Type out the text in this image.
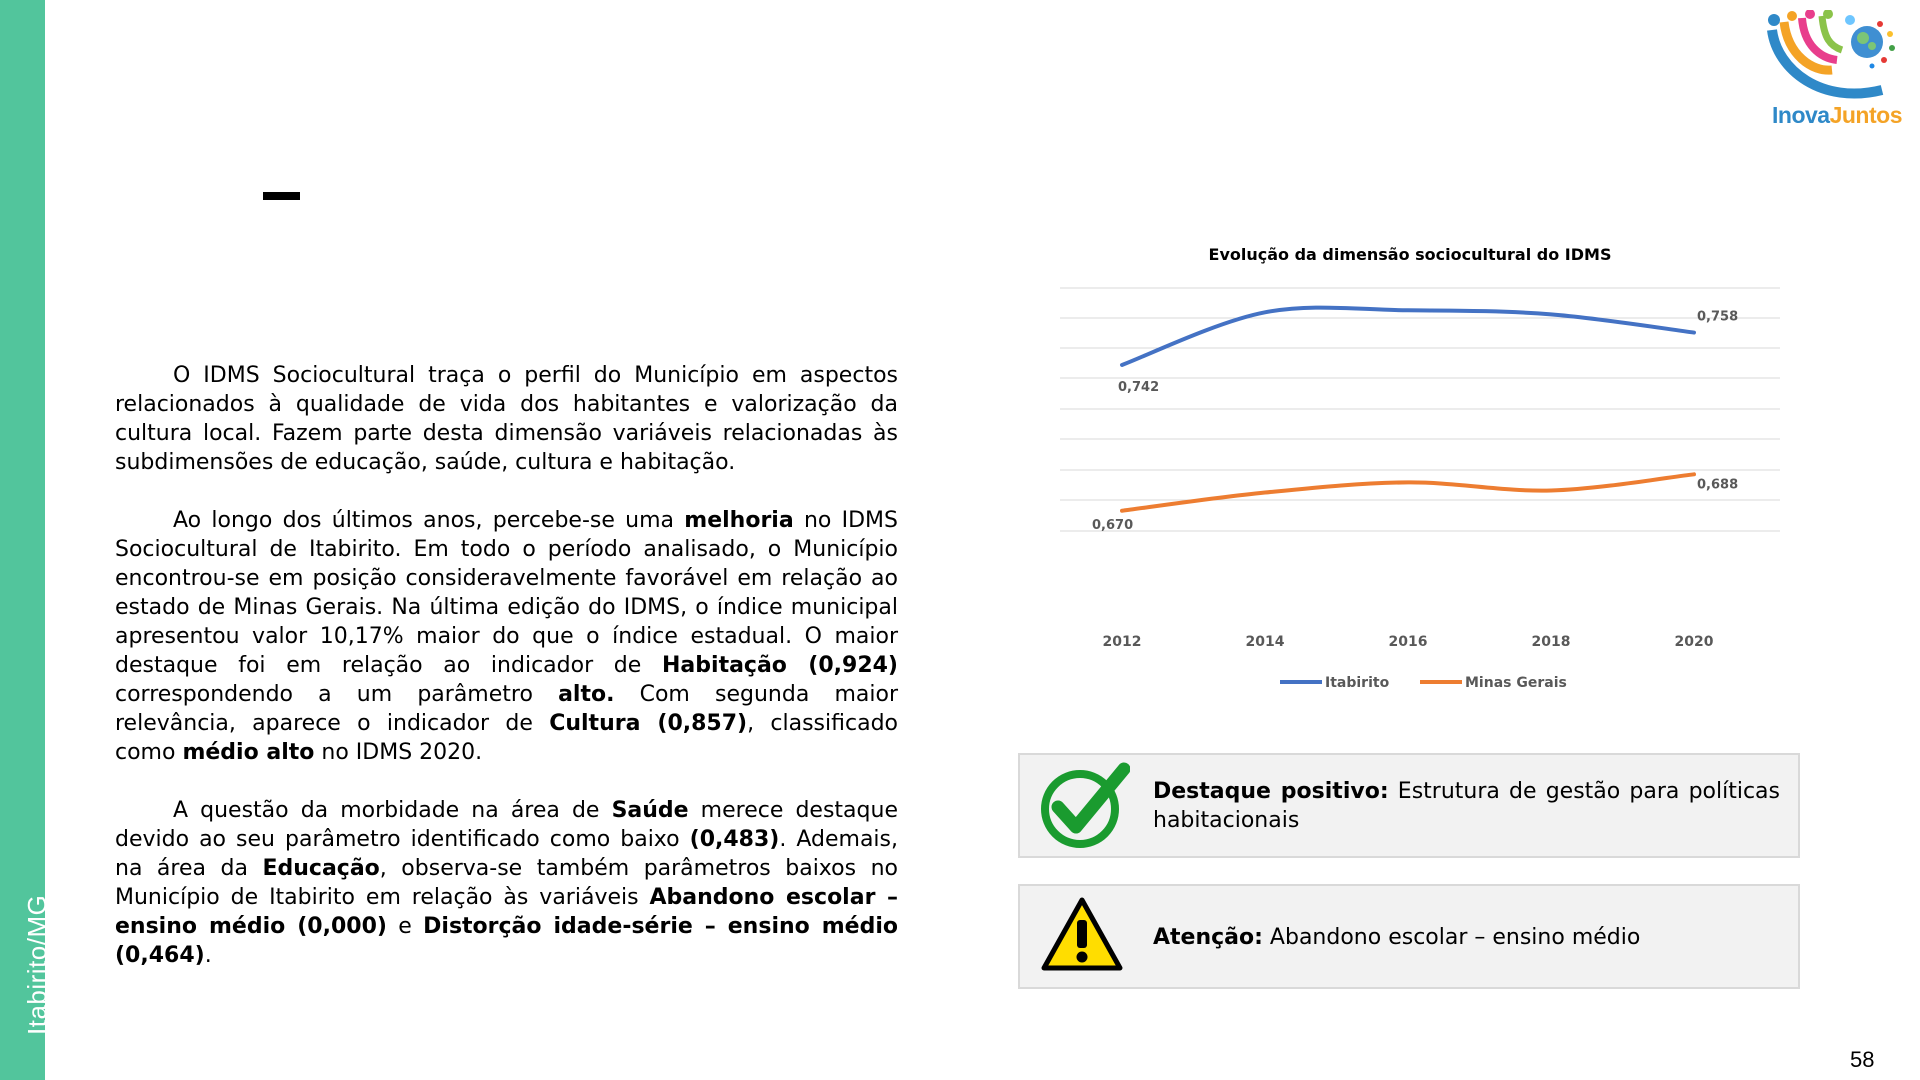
Itabirito/MG
InovaJuntos

O IDMS Sociocultural traça o perfil do Município em aspectos relacionados à qualidade de vida dos habitantes e valorização da cultura local. Fazem parte desta dimensão variáveis relacionadas às subdimensões de educação, saúde, cultura e habitação.

Ao longo dos últimos anos, percebe-se uma melhoria no IDMS Sociocultural de Itabirito. Em todo o período analisado, o Município encontrou-se em posição consideravelmente favorável em relação ao estado de Minas Gerais. Na última edição do IDMS, o índice municipal apresentou valor 10,17% maior do que o índice estadual. O maior destaque foi em relação ao indicador de Habitação (0,924) correspondendo a um parâmetro alto. Com segunda maior relevância, aparece o indicador de Cultura (0,857), classificado como médio alto no IDMS 2020.

A questão da morbidade na área de Saúde merece destaque devido ao seu parâmetro identificado como baixo (0,483). Ademais, na área da Educação, observa-se também parâmetros baixos no Município de Itabirito em relação às variáveis Abandono escolar – ensino médio (0,000) e Distorção idade-série – ensino médio (0,464).

Evolução da dimensão sociocultural do IDMS
0,742
0,758
0,670
0,688
2012	2014	2016	2018	2020
Itabirito	Minas Gerais
Destaque positivo: Estrutura de gestão para políticas habitacionais
Atenção: Abandono escolar – ensino médio
58
